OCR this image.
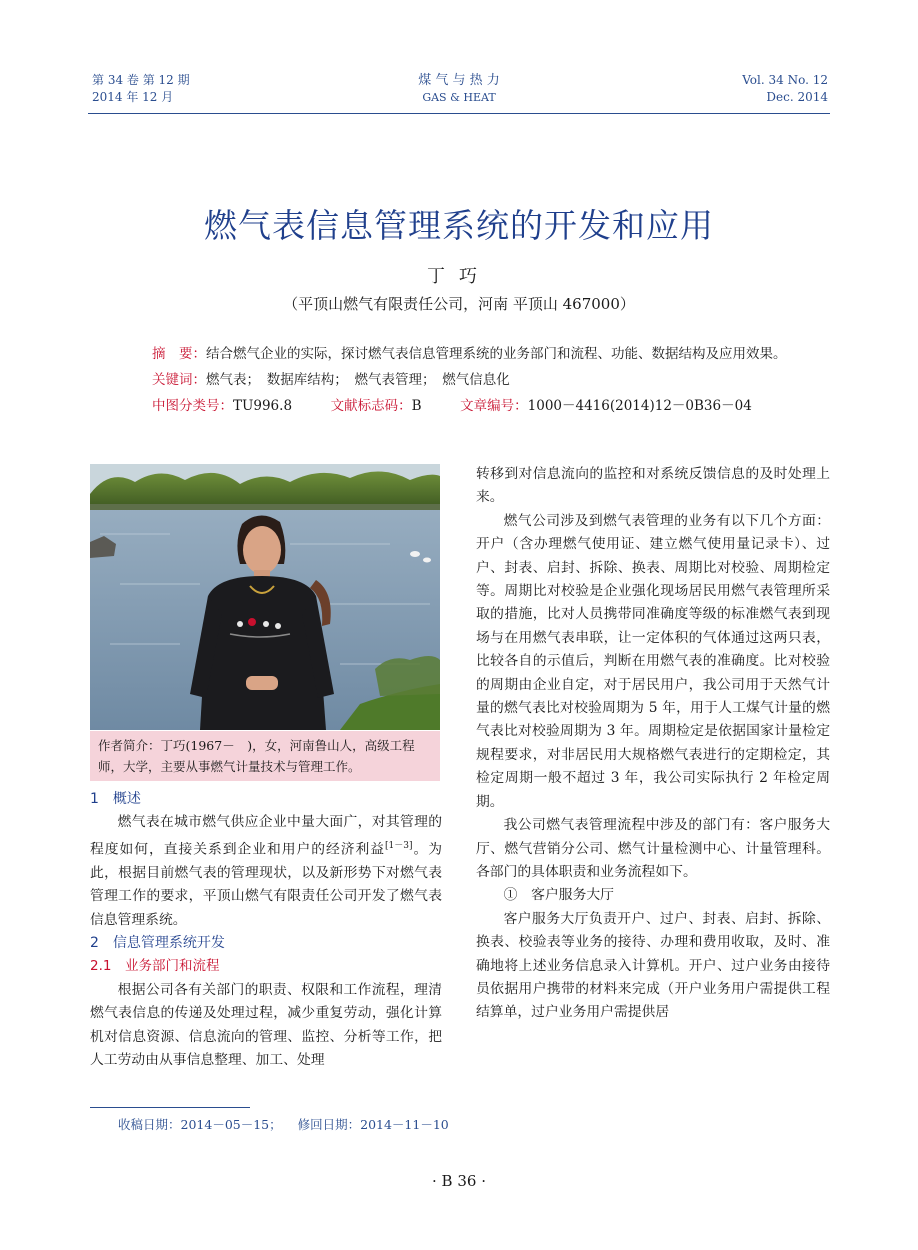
第 34 卷 第 12 期
2014 年 12 月
煤 气 与 热 力
GAS & HEAT
Vol. 34 No. 12
Dec. 2014
燃气表信息管理系统的开发和应用
丁巧
（平顶山燃气有限责任公司，河南 平顶山 467000）
摘　要：结合燃气企业的实际，探讨燃气表信息管理系统的业务部门和流程、功能、数据结构及应用效果。
关键词：燃气表；　数据库结构；　燃气表管理；　燃气信息化
中图分类号：TU996.8	文献标志码：B	文章编号：1000－4416(2014)12－0B36－04
作者简介：丁巧(1967－　)，女，河南鲁山人，高级工程师，大学，主要从事燃气计量技术与管理工作。
1　 概述
燃气表在城市燃气供应企业中量大面广，对其管理的程度如何，直接关系到企业和用户的经济利益[1－3]。为此，根据目前燃气表的管理现状，以及新形势下对燃气表管理工作的要求，平顶山燃气有限责任公司开发了燃气表信息管理系统。
2　 信息管理系统开发
2.1　 业务部门和流程
根据公司各有关部门的职责、权限和工作流程，理清燃气表信息的传递及处理过程，减少重复劳动，强化计算机对信息资源、信息流向的管理、监控、分析等工作，把人工劳动由从事信息整理、加工、处理
转移到对信息流向的监控和对系统反馈信息的及时处理上来。
燃气公司涉及到燃气表管理的业务有以下几个方面：开户（含办理燃气使用证、建立燃气使用量记录卡）、过户、封表、启封、拆除、换表、周期比对校验、周期检定等。周期比对校验是企业强化现场居民用燃气表管理所采取的措施，比对人员携带同准确度等级的标准燃气表到现场与在用燃气表串联，让一定体积的气体通过这两只表，比较各自的示值后，判断在用燃气表的准确度。比对校验的周期由企业自定，对于居民用户，我公司用于天然气计量的燃气表比对校验周期为 5 年，用于人工煤气计量的燃气表比对校验周期为 3 年。周期检定是依据国家计量检定规程要求，对非居民用大规格燃气表进行的定期检定，其检定周期一般不超过 3 年，我公司实际执行 2 年检定周期。
我公司燃气表管理流程中涉及的部门有：客户服务大厅、燃气营销分公司、燃气计量检测中心、计量管理科。各部门的具体职责和业务流程如下。
①　客户服务大厅
客户服务大厅负责开户、过户、封表、启封、拆除、换表、校验表等业务的接待、办理和费用收取，及时、准确地将上述业务信息录入计算机。开户、过户业务由接待员依据用户携带的材料来完成（开户业务用户需提供工程结算单，过户业务用户需提供居
收稿日期：2014－05－15； 修回日期：2014－11－10
· B 36 ·
